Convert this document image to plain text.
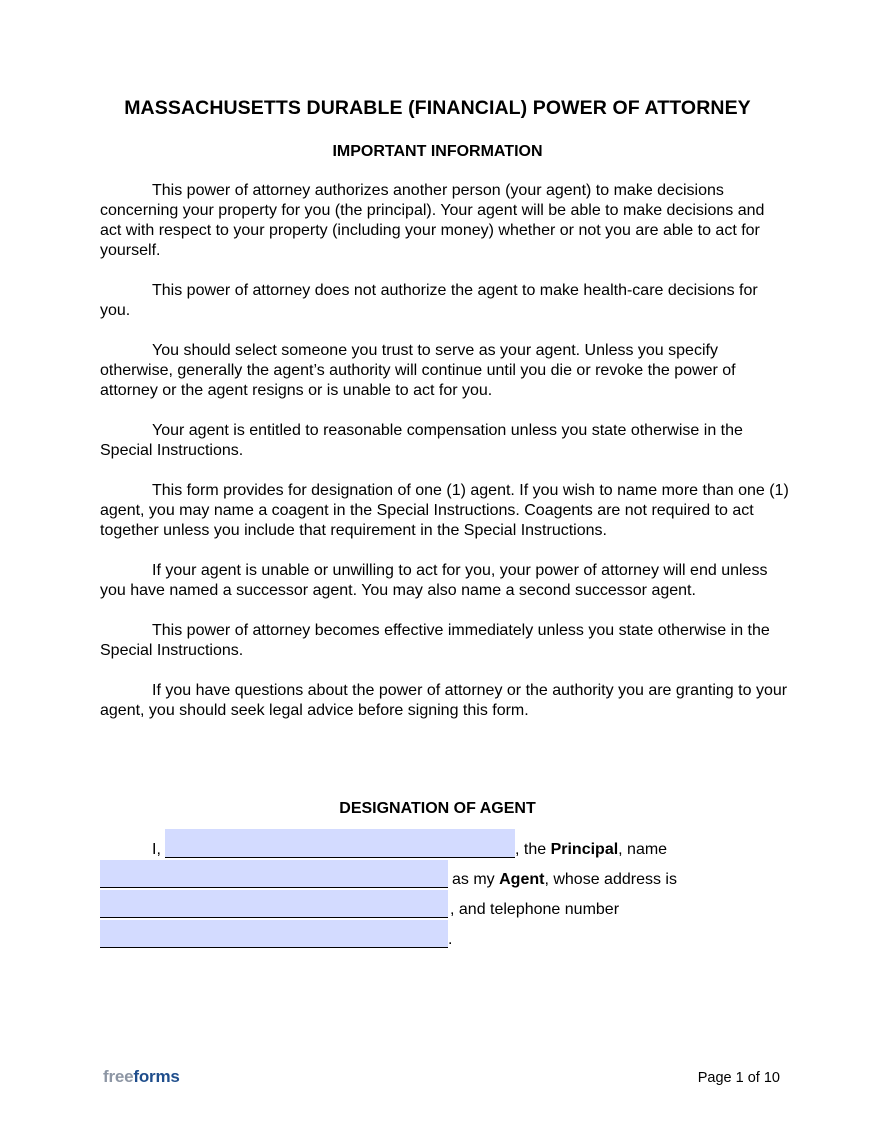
MASSACHUSETTS DURABLE (FINANCIAL) POWER OF ATTORNEY
IMPORTANT INFORMATION

This power of attorney authorizes another person (your agent) to make decisions concerning your property for you (the principal). Your agent will be able to make decisions and act with respect to your property (including your money) whether or not you are able to act for yourself.

This power of attorney does not authorize the agent to make health-care decisions for you.

You should select someone you trust to serve as your agent. Unless you specify otherwise, generally the agent’s authority will continue until you die or revoke the power of attorney or the agent resigns or is unable to act for you.

Your agent is entitled to reasonable compensation unless you state otherwise in the Special Instructions.

This form provides for designation of one (1) agent. If you wish to name more than one (1) agent, you may name a coagent in the Special Instructions. Coagents are not required to act together unless you include that requirement in the Special Instructions.

If your agent is unable or unwilling to act for you, your power of attorney will end unless you have named a successor agent. You may also name a second successor agent.

This power of attorney becomes effective immediately unless you state otherwise in the Special Instructions.

If you have questions about the power of attorney or the authority you are granting to your agent, you should seek legal advice before signing this form.

DESIGNATION OF AGENT
I,	, the Principal, name
as my Agent, whose address is
, and telephone number
.
freeforms	Page 1 of 10
